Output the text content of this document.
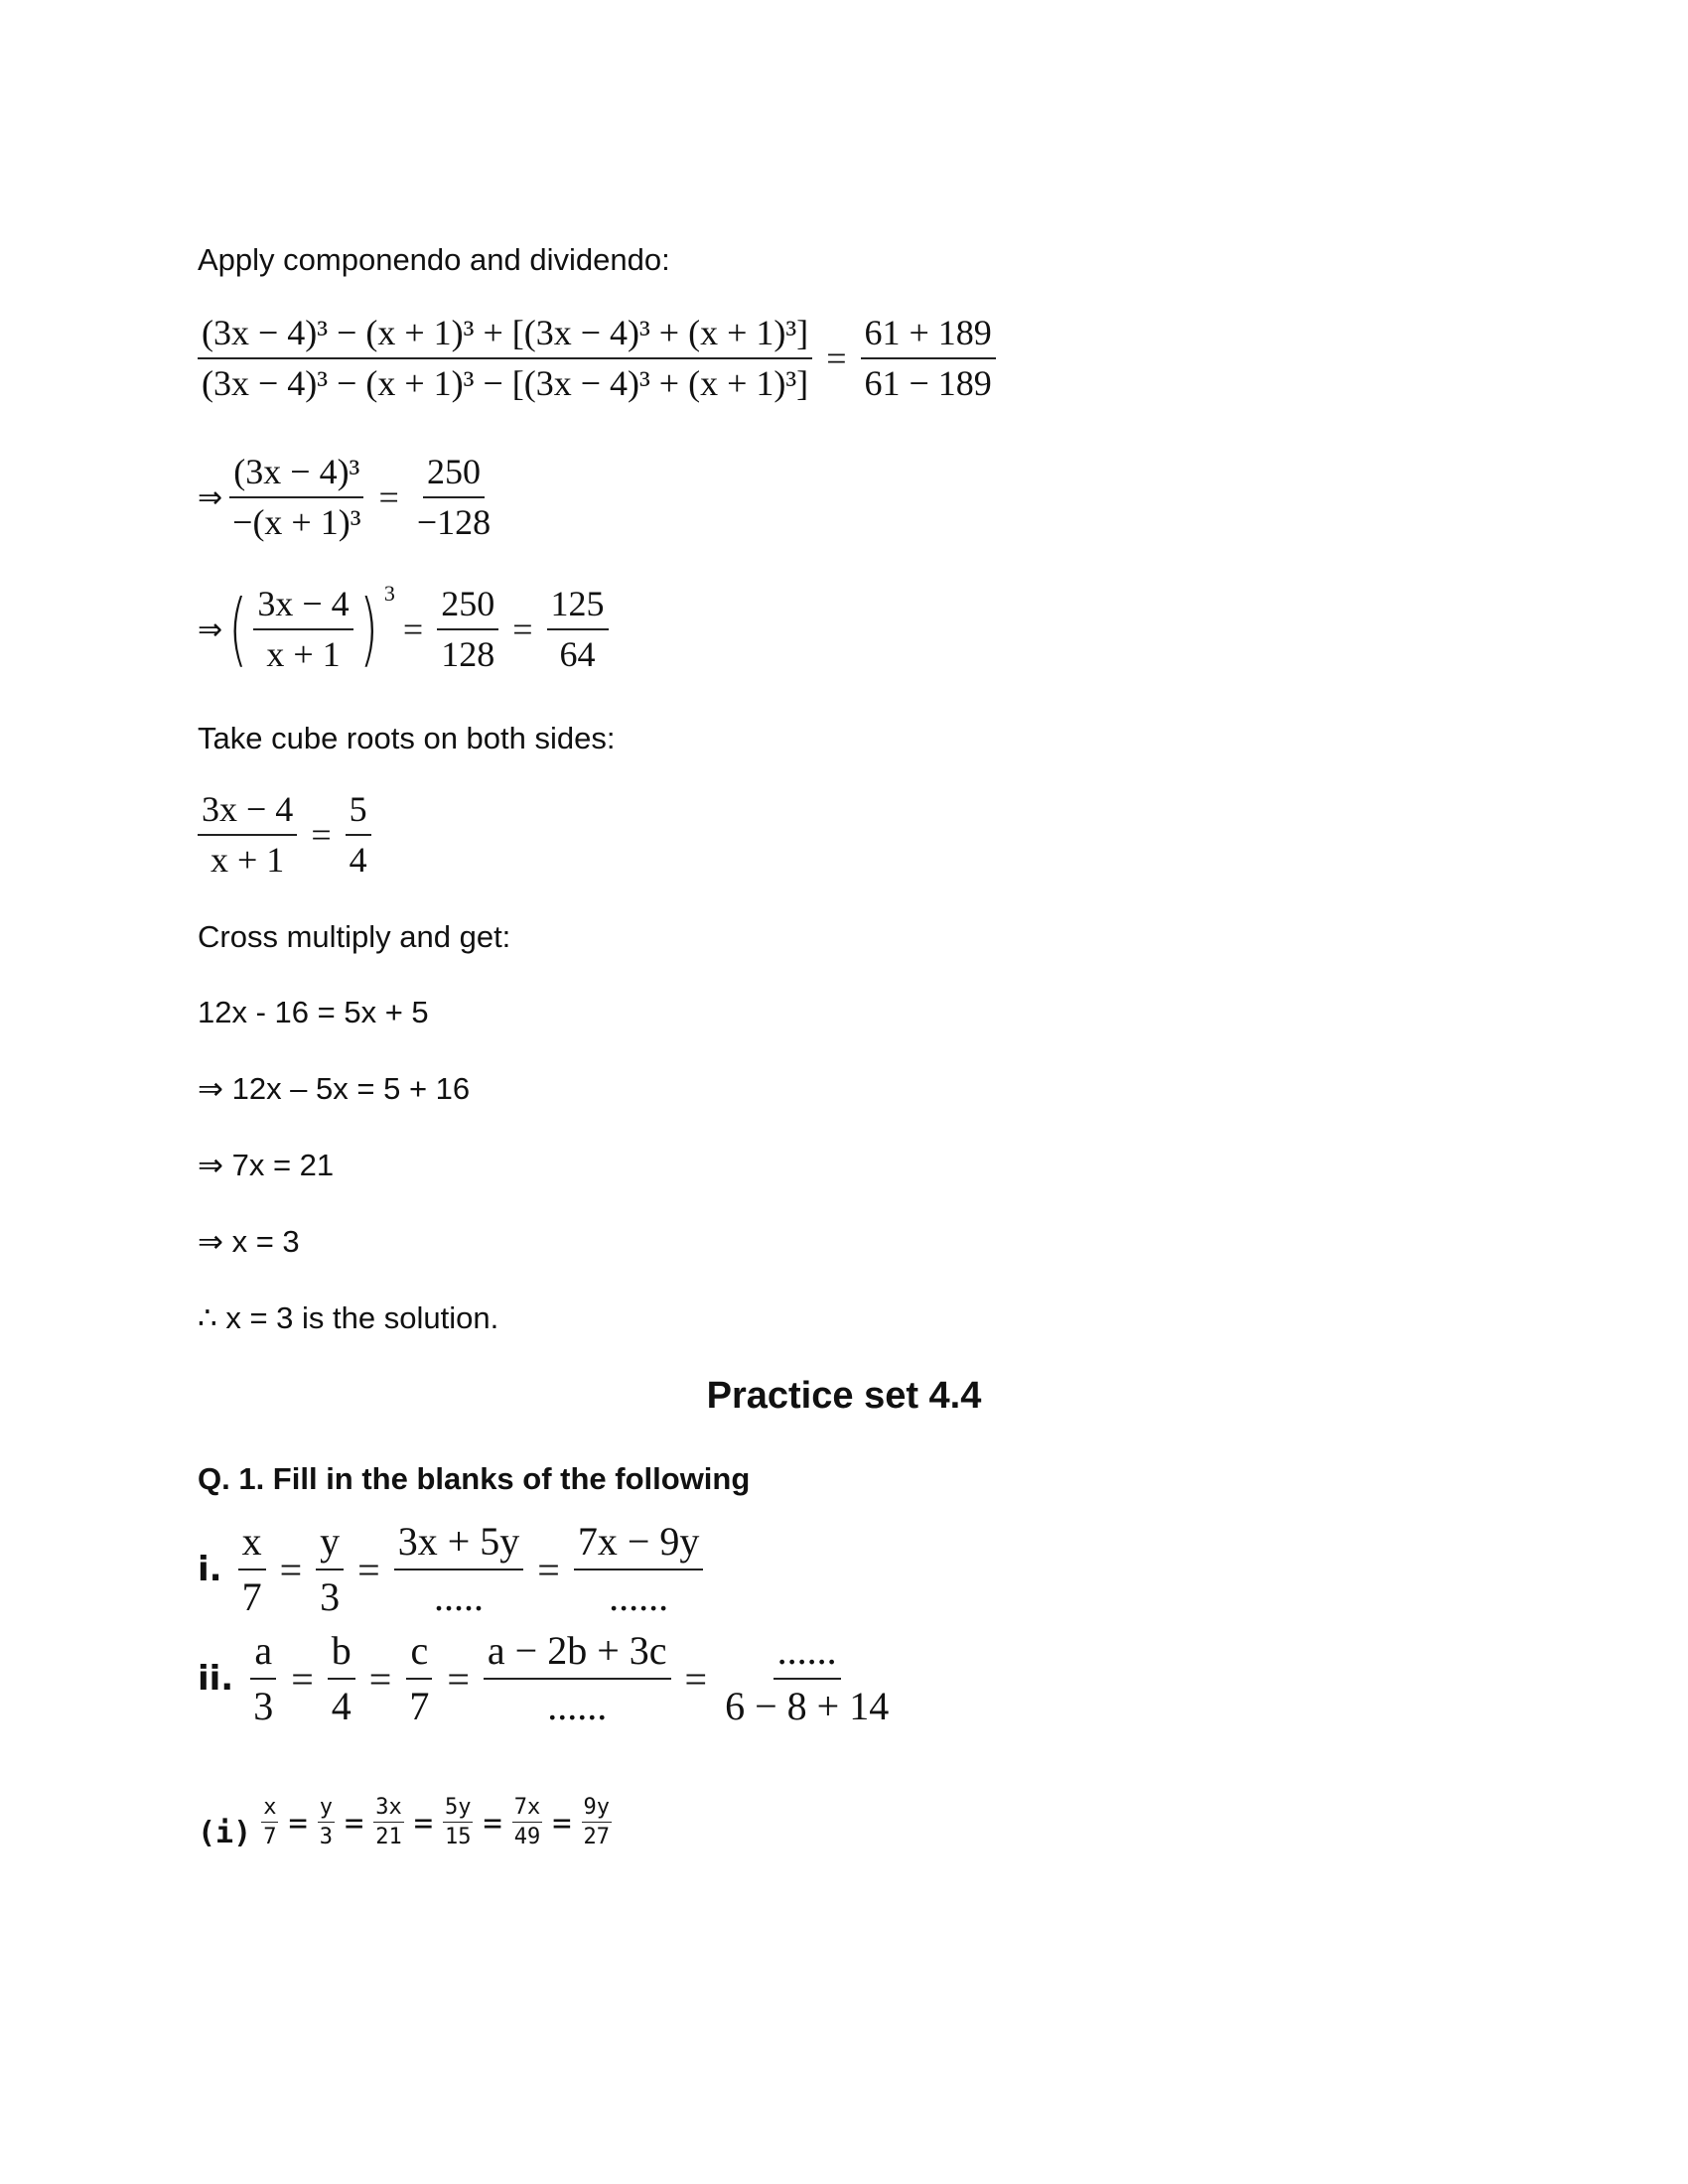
Apply componendo and dividendo:
$\frac{\text{(3x − 4)³ − (x + 1)³ + [(3x − 4)³ + (x + 1)³]}}{\text{(3x − 4)³ − (x + 1)³ − [(3x − 4)³ + (x + 1)³]}} = \frac{61 + 189}{61 - 189}$
⇒ $\frac{\text{(3x − 4)³}}{\text{−(x + 1)³}} = \frac{250}{-128}$
⇒ ( $\frac{3x - 4}{x + 1}$ ) $^3$
= $\frac{250}{128} = \frac{125}{64}$
Take cube roots on both sides:
$\frac{3x - 4}{x + 1} = \frac{5}{4}$
Cross multiply and get:
12x - 16 = 5x + 5
⇒ 12x – 5x = 5 + 16
⇒ 7x = 21
⇒ x = 3
∴ x = 3 is the solution.
Practice set 4.4
Q. 1. Fill in the blanks of the following
i. $\frac{x}{7} = \frac{y}{3} = \frac{3x + 5y}{.....} = \frac{7x - 9y}{......}$
ii. $\frac{a}{3} = \frac{b}{4} = \frac{c}{7} = \frac{a - 2b + 3c}{......} = \frac{......}{6 - 8 + 14}$
$(i) \frac{x}{7} = \frac{y}{3} = \frac{3x}{21} = \frac{5y}{15} = \frac{7x}{49} = \frac{9y}{27}$
